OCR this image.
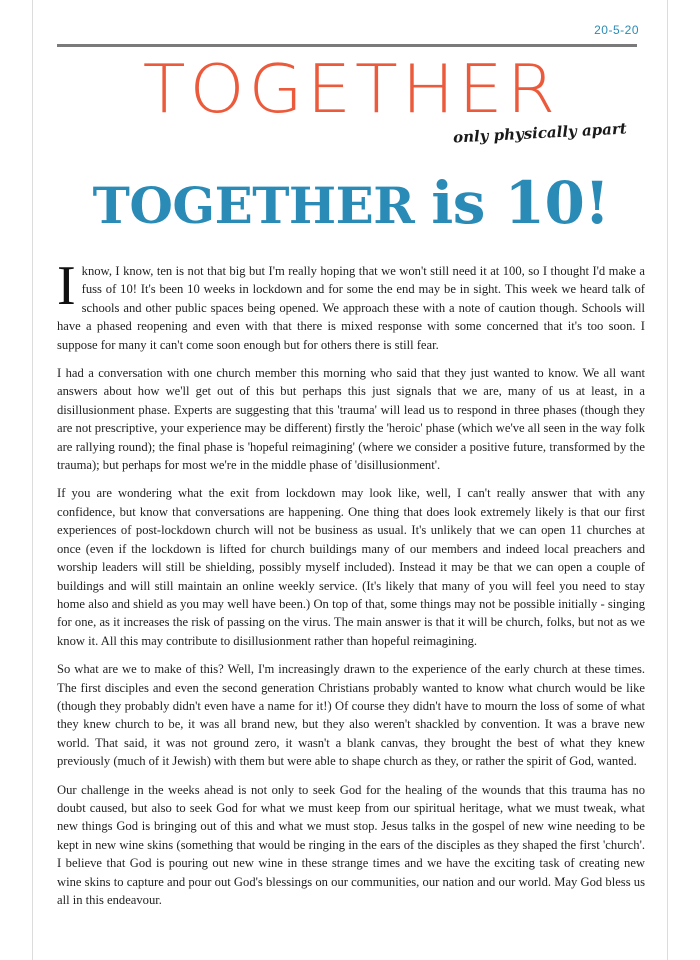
20-5-20
TOGETHER
only physically apart
TOGETHER is 10!

I know, I know, ten is not that big but I'm really hoping that we won't still need it at 100, so I thought I'd make a fuss of 10! It's been 10 weeks in lockdown and for some the end may be in sight. This week we heard talk of schools and other public spaces being opened. We approach these with a note of caution though. Schools will have a phased reopening and even with that there is mixed response with some concerned that it's too soon. I suppose for many it can't come soon enough but for others there is still fear.

I had a conversation with one church member this morning who said that they just wanted to know. We all want answers about how we'll get out of this but perhaps this just signals that we are, many of us at least, in a disillusionment phase. Experts are suggesting that this 'trauma' will lead us to respond in three phases (though they are not prescriptive, your experience may be different) firstly the 'heroic' phase (which we've all seen in the way folk are rallying round); the final phase is 'hopeful reimagining' (where we consider a positive future, transformed by the trauma); but perhaps for most we're in the middle phase of 'disillusionment'.

If you are wondering what the exit from lockdown may look like, well, I can't really answer that with any confidence, but know that conversations are happening. One thing that does look extremely likely is that our first experiences of post-lockdown church will not be business as usual. It's unlikely that we can open 11 churches at once (even if the lockdown is lifted for church buildings many of our members and indeed local preachers and worship leaders will still be shielding, possibly myself included). Instead it may be that we can open a couple of buildings and will still maintain an online weekly service. (It's likely that many of you will feel you need to stay home also and shield as you may well have been.) On top of that, some things may not be possible initially - singing for one, as it increases the risk of passing on the virus. The main answer is that it will be church, folks, but not as we know it. All this may contribute to disillusionment rather than hopeful reimagining.

So what are we to make of this? Well, I'm increasingly drawn to the experience of the early church at these times. The first disciples and even the second generation Christians probably wanted to know what church would be like (though they probably didn't even have a name for it!) Of course they didn't have to mourn the loss of some of what they knew church to be, it was all brand new, but they also weren't shackled by convention. It was a brave new world. That said, it was not ground zero, it wasn't a blank canvas, they brought the best of what they knew previously (much of it Jewish) with them but were able to shape church as they, or rather the spirit of God, wanted.

Our challenge in the weeks ahead is not only to seek God for the healing of the wounds that this trauma has no doubt caused, but also to seek God for what we must keep from our spiritual heritage, what we must tweak, what new things God is bringing out of this and what we must stop. Jesus talks in the gospel of new wine needing to be kept in new wine skins (something that would be ringing in the ears of the disciples as they shaped the first 'church'. I believe that God is pouring out new wine in these strange times and we have the exciting task of creating new wine skins to capture and pour out God's blessings on our communities, our nation and our world. May God bless us all in this endeavour.
